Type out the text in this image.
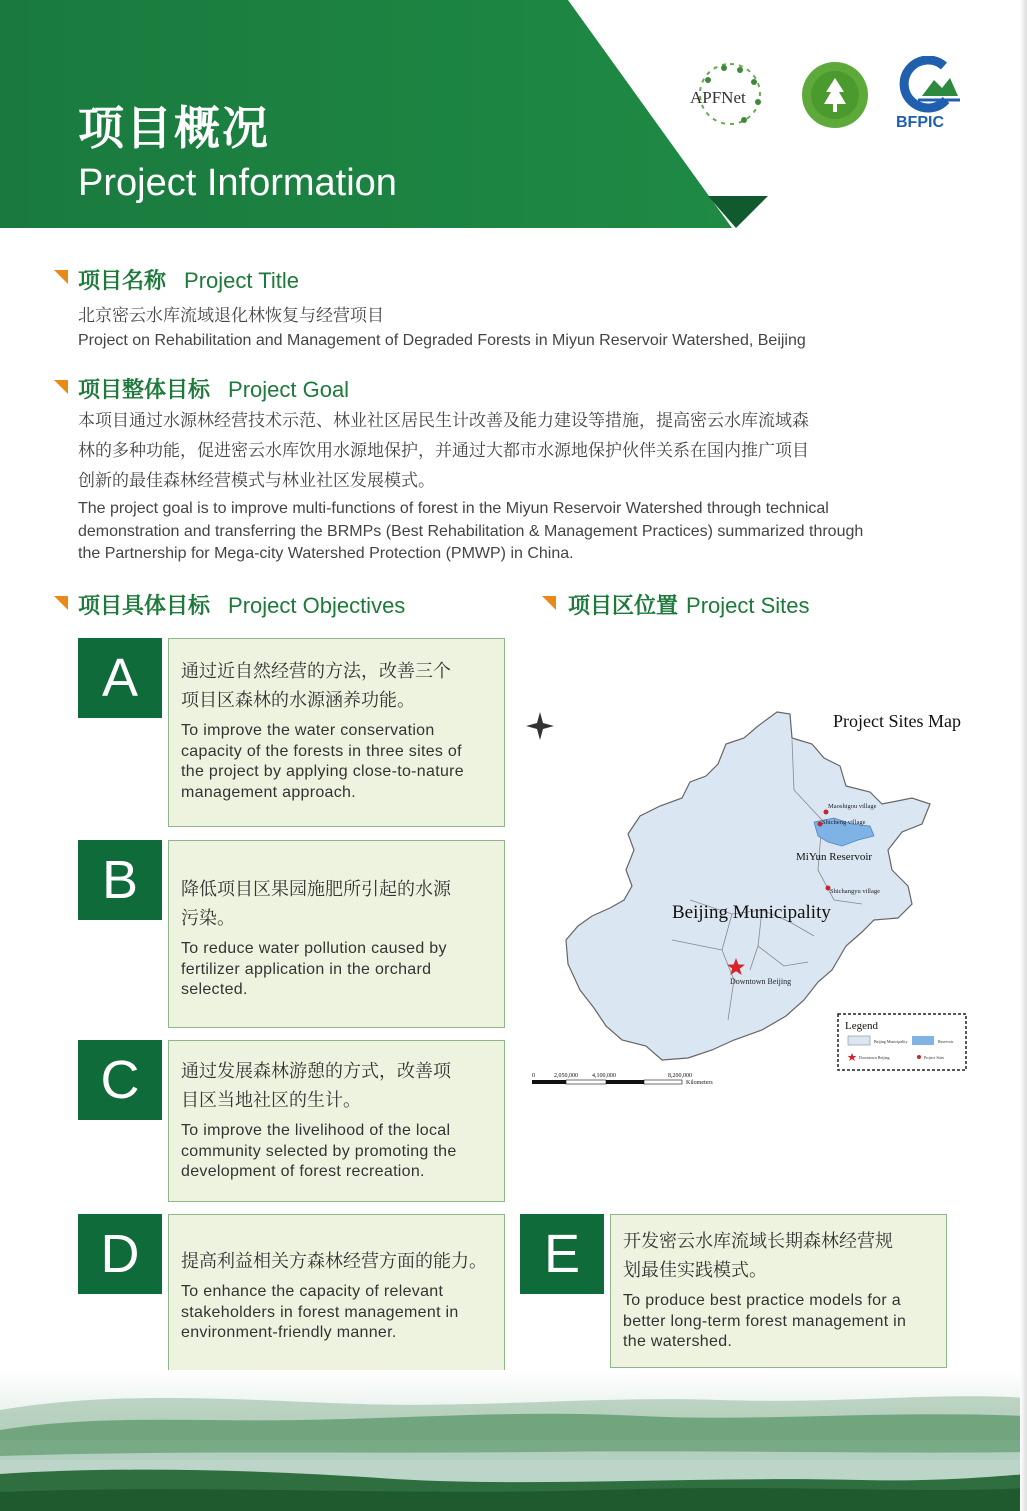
项目概况
Project Information
APFNet
BFPIC
项目名称 Project Title
北京密云水库流域退化林恢复与经营项目
Project on Rehabilitation and Management of Degraded Forests in Miyun Reservoir Watershed, Beijing
项目整体目标 Project Goal
本项目通过水源林经营技术示范、林业社区居民生计改善及能力建设等措施，提高密云水库流域森
林的多种功能，促进密云水库饮用水源地保护，并通过大都市水源地保护伙伴关系在国内推广项目
创新的最佳森林经营模式与林业社区发展模式。
The project goal is to improve multi-functions of forest in the Miyun Reservoir Watershed through technical
demonstration and transferring the BRMPs (Best Rehabilitation & Management Practices) summarized through
the Partnership for Mega-city Watershed Protection (PMWP) in China.
项目具体目标 Project Objectives	项目区位置 Project Sites
通过近自然经营的方法，改善三个
项目区森林的水源涵养功能。
To improve the water conservation
capacity of the forests in three sites of
the project by applying close-to-nature
management approach.
A
降低项目区果园施肥所引起的水源
污染。
To reduce water pollution caused by
fertilizer application in the orchard
selected.
B
通过发展森林游憩的方式，改善项
目区当地社区的生计。
To improve the livelihood of the local
community selected by promoting the
development of forest recreation.
C
提高利益相关方森林经营方面的能力。
To enhance the capacity of relevant
stakeholders in forest management in
environment-friendly manner.
D	开发密云水库流域长期森林经营规
划最佳实践模式。
To produce best practice models for a
better long-term forest management in
the watershed.
E
Project Sites Map
Maoshigou village
Shicheng village
Shichangyu village
MiYun Reservoir
Beijing Municipality
Downtown Beijing
Legend
Beijing Municipality	Reservoir
Downtown Beijing	Project Sites
0	2,050,000 4,100,000	8,200,000
Kilometers
